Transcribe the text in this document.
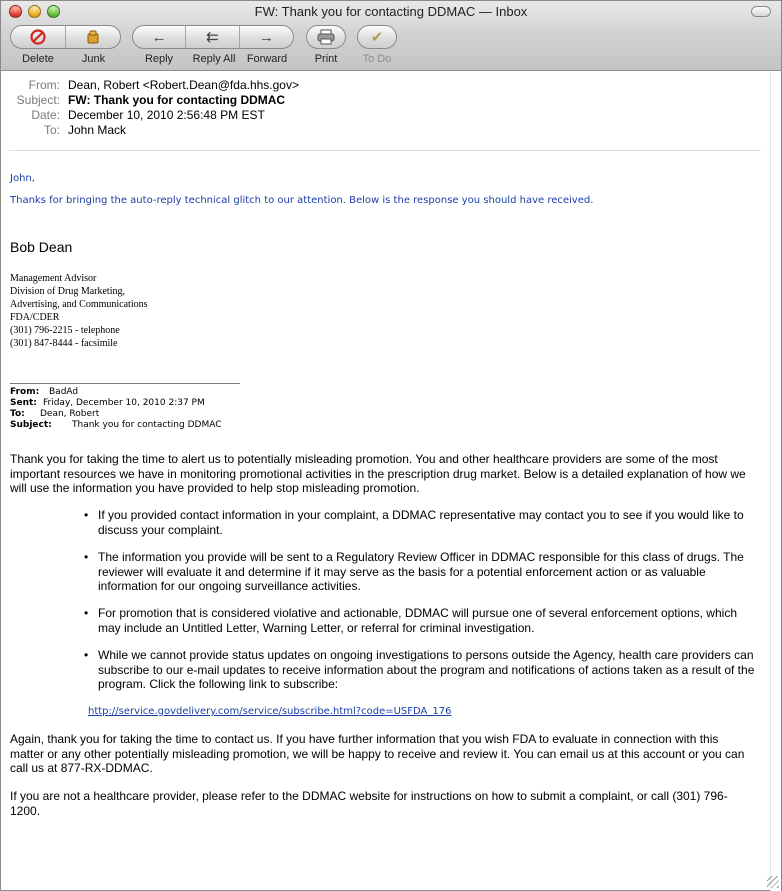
FW: Thank you for contacting DDMAC — Inbox
Delete	Junk
←	⇇	→
Reply	Reply All	Forward	Print
✔
To Do
From: Dean, Robert <Robert.Dean@fda.hhs.gov>
Subject: FW: Thank you for contacting DDMAC
Date: December 10, 2010 2:56:48 PM EST
To: John Mack
John,
Thanks for bringing the auto-reply technical glitch to our attention. Below is the response you should have received.
Bob Dean
Management Advisor
Division of Drug Marketing,
Advertising, and Communications
FDA/CDER
(301) 796-2215 - telephone
(301) 847-8444 - facsimile
From: BadAd
Sent: Friday, December 10, 2010 2:37 PM
To: Dean, Robert
Subject: Thank you for contacting DDMAC
Thank you for taking the time to alert us to potentially misleading promotion. You and other healthcare providers are some of the most important resources we have in monitoring promotional activities in the prescription drug market. Below is a detailed explanation of how we will use the information you have provided to help stop misleading promotion.
• If you provided contact information in your complaint, a DDMAC representative may contact you to see if you would like to discuss your complaint.
• The information you provide will be sent to a Regulatory Review Officer in DDMAC responsible for this class of drugs. The reviewer will evaluate it and determine if it may serve as the basis for a potential enforcement action or as valuable information for our ongoing surveillance activities.
• For promotion that is considered violative and actionable, DDMAC will pursue one of several enforcement options, which may include an Untitled Letter, Warning Letter, or referral for criminal investigation.
• While we cannot provide status updates on ongoing investigations to persons outside the Agency, health care providers can subscribe to our e-mail updates to receive information about the program and notifications of actions taken as a result of the program. Click the following link to subscribe:
http://service.govdelivery.com/service/subscribe.html?code=USFDA_176
Again, thank you for taking the time to contact us. If you have further information that you wish FDA to evaluate in connection with this matter or any other potentially misleading promotion, we will be happy to receive and review it. You can email us at this account or you can call us at 877-RX-DDMAC.
If you are not a healthcare provider, please refer to the DDMAC website for instructions on how to submit a complaint, or call (301) 796-1200.
